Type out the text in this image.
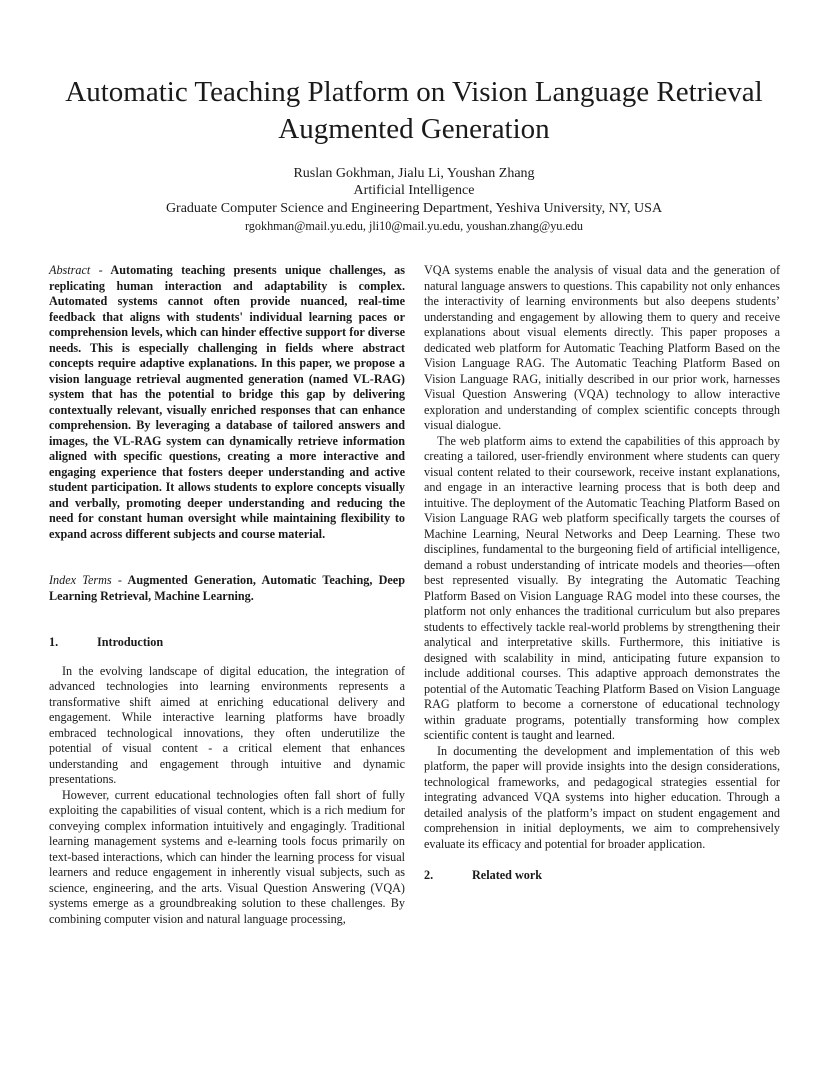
Automatic Teaching Platform on Vision Language Retrieval Augmented Generation

Ruslan Gokhman, Jialu Li, Youshan Zhang

Artificial Intelligence

Graduate Computer Science and Engineering Department, Yeshiva University, NY, USA

rgokhman@mail.yu.edu, jli10@mail.yu.edu, youshan.zhang@yu.edu

Abstract - Automating teaching presents unique challenges, as replicating human interaction and adaptability is complex. Automated systems cannot often provide nuanced, real-time feedback that aligns with students' individual learning paces or comprehension levels, which can hinder effective support for diverse needs. This is especially challenging in fields where abstract concepts require adaptive explanations. In this paper, we propose a vision language retrieval augmented generation (named VL-RAG) system that has the potential to bridge this gap by delivering contextually relevant, visually enriched responses that can enhance comprehension. By leveraging a database of tailored answers and images, the VL-RAG system can dynamically retrieve information aligned with specific questions, creating a more interactive and engaging experience that fosters deeper understanding and active student participation. It allows students to explore concepts visually and verbally, promoting deeper understanding and reducing the need for constant human oversight while maintaining flexibility to expand across different subjects and course material.

Index Terms - Augmented Generation, Automatic Teaching, Deep Learning Retrieval, Machine Learning.

1.	Introduction

In the evolving landscape of digital education, the integration of advanced technologies into learning environments represents a transformative shift aimed at enriching educational delivery and engagement. While interactive learning platforms have broadly embraced technological innovations, they often underutilize the potential of visual content - a critical element that enhances understanding and engagement through intuitive and dynamic presentations.

However, current educational technologies often fall short of fully exploiting the capabilities of visual content, which is a rich medium for conveying complex information intuitively and engagingly. Traditional learning management systems and e-learning tools focus primarily on text-based interactions, which can hinder the learning process for visual learners and reduce engagement in inherently visual subjects, such as science, engineering, and the arts. Visual Question Answering (VQA) systems emerge as a groundbreaking solution to these challenges. By combining computer vision and natural language processing,

VQA systems enable the analysis of visual data and the generation of natural language answers to questions. This capability not only enhances the interactivity of learning environments but also deepens students’ understanding and engagement by allowing them to query and receive explanations about visual elements directly. This paper proposes a dedicated web platform for Automatic Teaching Platform Based on the Vision Language RAG. The Automatic Teaching Platform Based on Vision Language RAG, initially described in our prior work, harnesses Visual Question Answering (VQA) technology to allow interactive exploration and understanding of complex scientific concepts through visual dialogue.

The web platform aims to extend the capabilities of this approach by creating a tailored, user-friendly environment where students can query visual content related to their coursework, receive instant explanations, and engage in an interactive learning process that is both deep and intuitive. The deployment of the Automatic Teaching Platform Based on Vision Language RAG web platform specifically targets the courses of Machine Learning, Neural Networks and Deep Learning. These two disciplines, fundamental to the burgeoning field of artificial intelligence, demand a robust understanding of intricate models and theories—often best represented visually. By integrating the Automatic Teaching Platform Based on Vision Language RAG model into these courses, the platform not only enhances the traditional curriculum but also prepares students to effectively tackle real-world problems by strengthening their analytical and interpretative skills. Furthermore, this initiative is designed with scalability in mind, anticipating future expansion to include additional courses. This adaptive approach demonstrates the potential of the Automatic Teaching Platform Based on Vision Language RAG platform to become a cornerstone of educational technology within graduate programs, potentially transforming how complex scientific content is taught and learned.

In documenting the development and implementation of this web platform, the paper will provide insights into the design considerations, technological frameworks, and pedagogical strategies essential for integrating advanced VQA systems into higher education. Through a detailed analysis of the platform’s impact on student engagement and comprehension in initial deployments, we aim to comprehensively evaluate its efficacy and potential for broader application.

2.	Related work
